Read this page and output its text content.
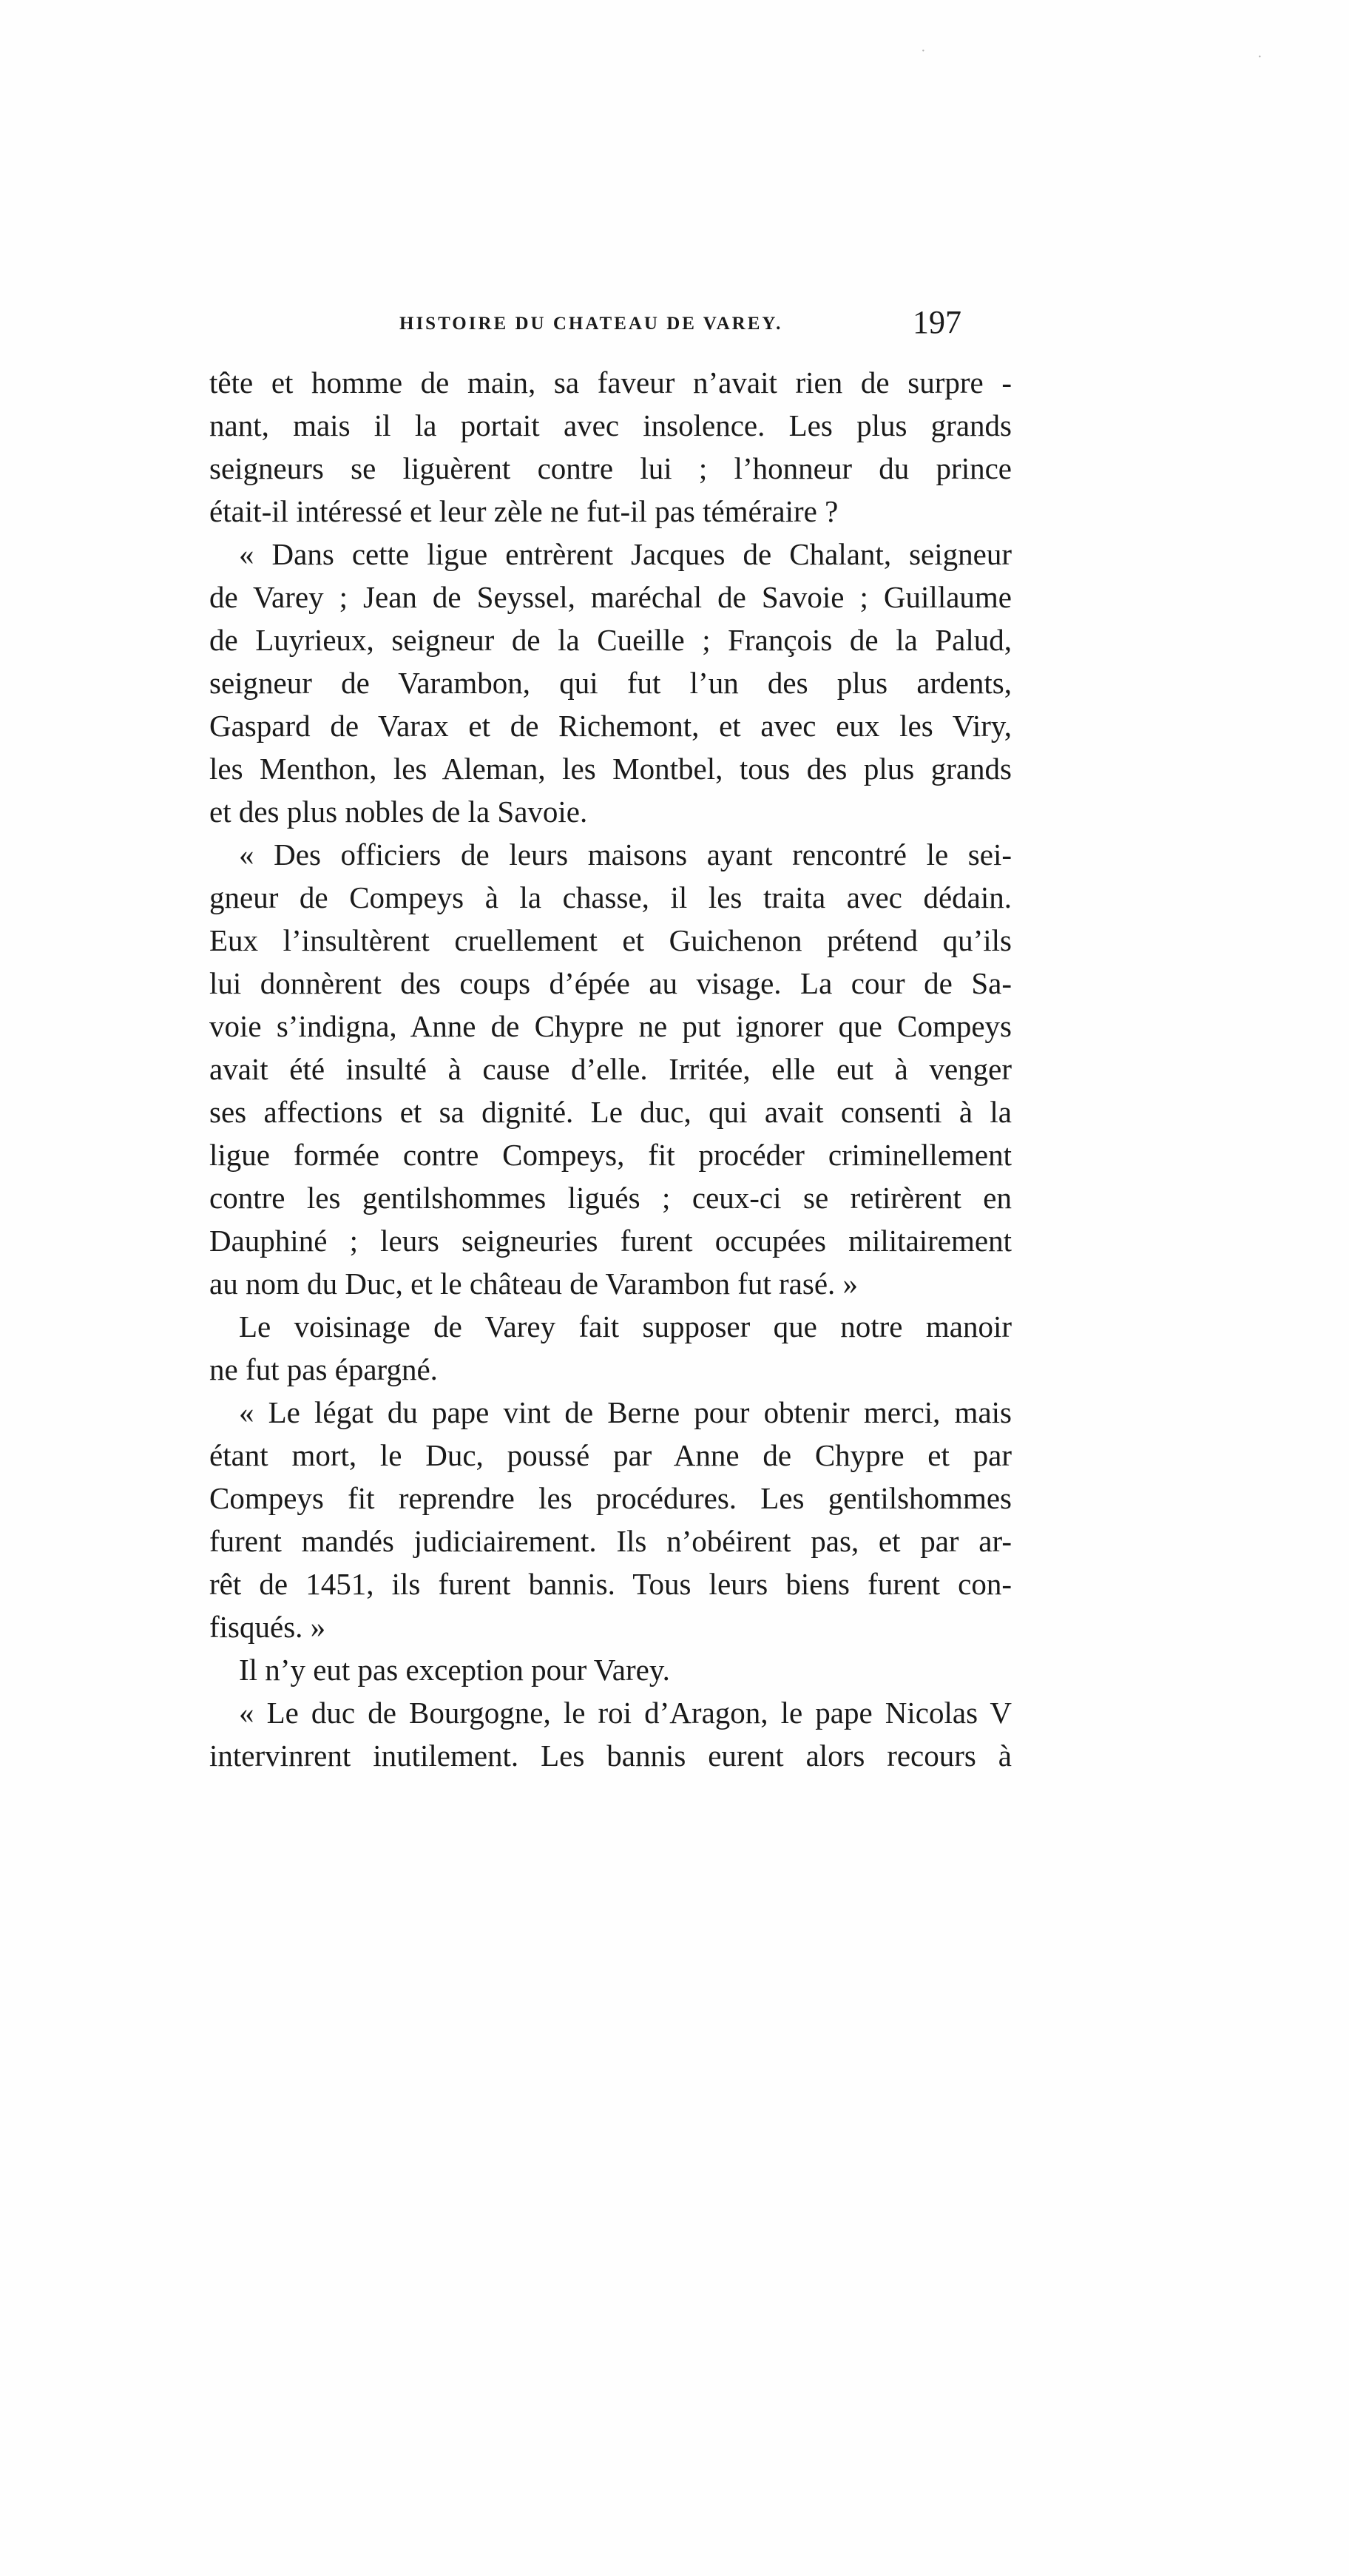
·	·
HISTOIRE DU CHATEAU DE VAREY.	197
tête et homme de main, sa faveur n’avait rien de surpre -
nant, mais il la portait avec insolence. Les plus grands
seigneurs se liguèrent contre lui ; l’honneur du prince
était-il intéressé et leur zèle ne fut-il pas téméraire ?
« Dans cette ligue entrèrent Jacques de Chalant, seigneur
de Varey ; Jean de Seyssel, maréchal de Savoie ; Guillaume
de Luyrieux, seigneur de la Cueille ; François de la Palud,
seigneur de Varambon, qui fut l’un des plus ardents,
Gaspard de Varax et de Richemont, et avec eux les Viry,
les Menthon, les Aleman, les Montbel, tous des plus grands
et des plus nobles de la Savoie.
« Des officiers de leurs maisons ayant rencontré le sei-
gneur de Compeys à la chasse, il les traita avec dédain.
Eux l’insultèrent cruellement et Guichenon prétend qu’ils
lui donnèrent des coups d’épée au visage. La cour de Sa-
voie s’indigna, Anne de Chypre ne put ignorer que Compeys
avait été insulté à cause d’elle. Irritée, elle eut à venger
ses affections et sa dignité. Le duc, qui avait consenti à la
ligue formée contre Compeys, fit procéder criminellement
contre les gentilshommes ligués ; ceux-ci se retirèrent en
Dauphiné ; leurs seigneuries furent occupées militairement
au nom du Duc, et le château de Varambon fut rasé. »
Le voisinage de Varey fait supposer que notre manoir
ne fut pas épargné.
« Le légat du pape vint de Berne pour obtenir merci, mais
étant mort, le Duc, poussé par Anne de Chypre et par
Compeys fit reprendre les procédures. Les gentilshommes
furent mandés judiciairement. Ils n’obéirent pas, et par ar-
rêt de 1451, ils furent bannis. Tous leurs biens furent con-
fisqués. »
Il n’y eut pas exception pour Varey.
« Le duc de Bourgogne, le roi d’Aragon, le pape Nicolas V
intervinrent inutilement. Les bannis eurent alors recours à
